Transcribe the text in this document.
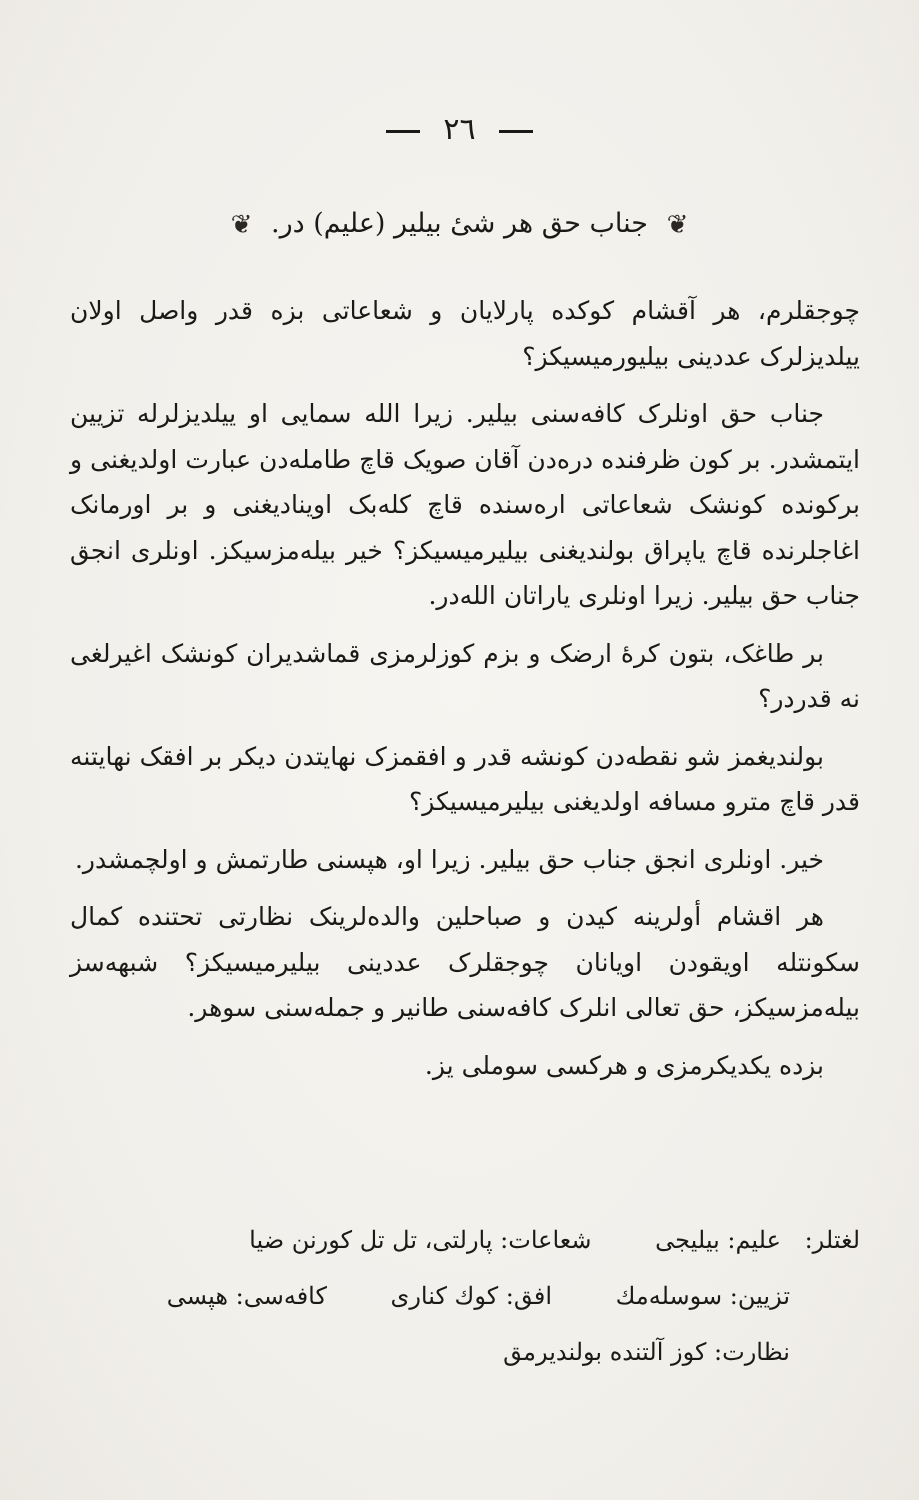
٢٦
❦ جناب حق هر شیٔ بیلیر (علیم) در. ❦

چوجقلرم، هر آقشام کوکده پارلایان و شعاعاتی بزه قدر واصل اولان ییلدیزلرک عددینی بیلیورمیسیکز؟

جناب حق اونلرک کافه‌سنی بیلیر. زیرا الله سمایی او ییلدیزلرله تزیین ایتمشدر. بر کون ظرفنده دره‌دن آقان صویک قاچ طامله‌دن عبارت اولدیغنی و برکونده کونشک شعاعاتی اره‌سنده قاچ کله‌بک اویناديغنی و بر اورمانک اغاجلرنده قاچ یاپراق بولندیغنی بیلیرمیسیکز؟ خیر بیله‌مزسیکز. اونلری انجق جناب حق بیلیر. زیرا اونلری یاراتان الله‌در.

بر طاغک، بتون کرهٔ ارضک و بزم کوزلرمزی قماشدیران کونشک اغیرلغی نه قدردر؟

بولندیغمز شو نقطه‌دن کونشه قدر و افقمزک نهایتدن دیکر بر افقک نهایتنه قدر قاچ مترو مسافه اولدیغنی بیلیرمیسیکز؟

خیر. اونلری انجق جناب حق بیلیر. زیرا او، هپسنی طارتمش و اولچمشدر.

هر اقشام أولرینه کیدن و صباحلین والده‌لرینک نظارتی تحتنده کمال سکونتله اویقودن اویانان چوجقلرک عددینی بیلیرمیسیکز؟ شبهه‌سز بیله‌مزسیکز، حق تعالی انلرک کافه‌سنی طانیر و جمله‌سنی سوهر.

بزده یکدیکرمزی و هرکسی سوملی یز.

لغتلر: علیم: بیلیجی شعاعات: پارلتی، تل تل کورنن ضیا
تزیین: سوسله‌مك افق: کوك کناری کافه‌سی: هپسی
نظارت: کوز آلتنده بولندیرمق
